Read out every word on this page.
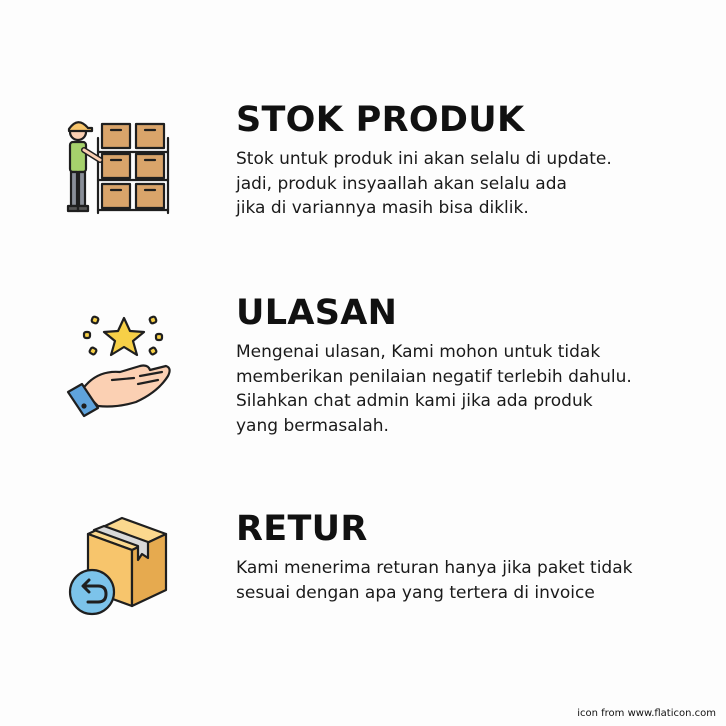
STOK PRODUK
Stok untuk produk ini akan selalu di update.
jadi, produk insyaallah akan selalu ada
jika di variannya masih bisa diklik.
ULASAN
Mengenai ulasan, Kami mohon untuk tidak
memberikan penilaian negatif terlebih dahulu.
Silahkan chat admin kami jika ada produk
yang bermasalah.
RETUR
Kami menerima returan hanya jika paket tidak
sesuai dengan apa yang tertera di invoice
icon from www.flaticon.com
